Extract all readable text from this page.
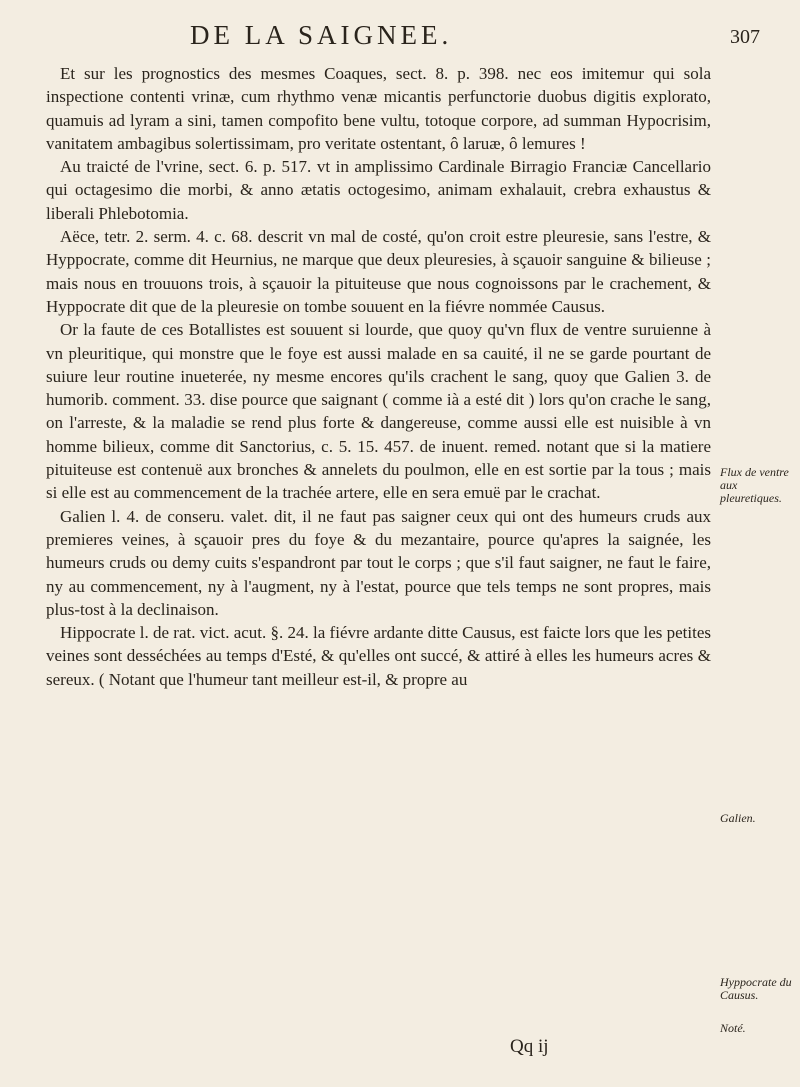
DE LA SAIGNEE.	307

Et sur les prognostics des mesmes Coaques, sect. 8. p. 398. nec eos imitemur qui sola inspectione contenti vrinæ, cum rhythmo venæ micantis perfunctorie duobus digitis explorato, quamuis ad lyram a sini, tamen compofito bene vultu, totoque corpore, ad summan Hypocrisim, vanitatem ambagibus solertissimam, pro veritate ostentant, ô laruæ, ô lemures !

Au traicté de l'vrine, sect. 6. p. 517. vt in amplissimo Cardinale Birragio Franciæ Cancellario qui octagesimo die morbi, & anno ætatis octogesimo, animam exhalauit, crebra exhaustus & liberali Phlebotomia.

Aëce, tetr. 2. serm. 4. c. 68. descrit vn mal de costé, qu'on croit estre pleuresie, sans l'estre, & Hyppocrate, comme dit Heurnius, ne marque que deux pleuresies, à sçauoir sanguine & bilieuse ; mais nous en trouuons trois, à sçauoir la pituiteuse que nous cognoissons par le crachement, & Hyppocrate dit que de la pleuresie on tombe souuent en la fiévre nommée Causus.

Or la faute de ces Botallistes est souuent si lourde, que quoy qu'vn flux de ventre suruienne à vn pleuritique, qui monstre que le foye est aussi malade en sa cauité, il ne se garde pourtant de suiure leur routine inueterée, ny mesme encores qu'ils crachent le sang, quoy que Galien 3. de humorib. comment. 33. dise pource que saignant ( comme ià a esté dit ) lors qu'on crache le sang, on l'arreste, & la maladie se rend plus forte & dangereuse, comme aussi elle est nuisible à vn homme bilieux, comme dit Sanctorius, c. 5. 15. 457. de inuent. remed. notant que si la matiere pituiteuse est contenuë aux bronches & annelets du poulmon, elle en est sortie par la tous ; mais si elle est au commencement de la trachée artere, elle en sera emuë par le crachat.

Galien l. 4. de conseru. valet. dit, il ne faut pas saigner ceux qui ont des humeurs cruds aux premieres veines, à sçauoir pres du foye & du mezantaire, pource qu'apres la saignée, les humeurs cruds ou demy cuits s'espandront par tout le corps ; que s'il faut saigner, ne faut le faire, ny au commencement, ny à l'augment, ny à l'estat, pource que tels temps ne sont propres, mais plus-tost à la declinaison.

Hippocrate l. de rat. vict. acut. §. 24. la fiévre ardante ditte Causus, est faicte lors que les petites veines sont desséchées au temps d'Esté, & qu'elles ont succé, & attiré à elles les humeurs acres & sereux. ( Notant que l'humeur tant meilleur est-il, & propre au

Flux de ventre aux pleuretiques.
Galien.
Hyppocrate du Causus.
Noté.
Qq ij
